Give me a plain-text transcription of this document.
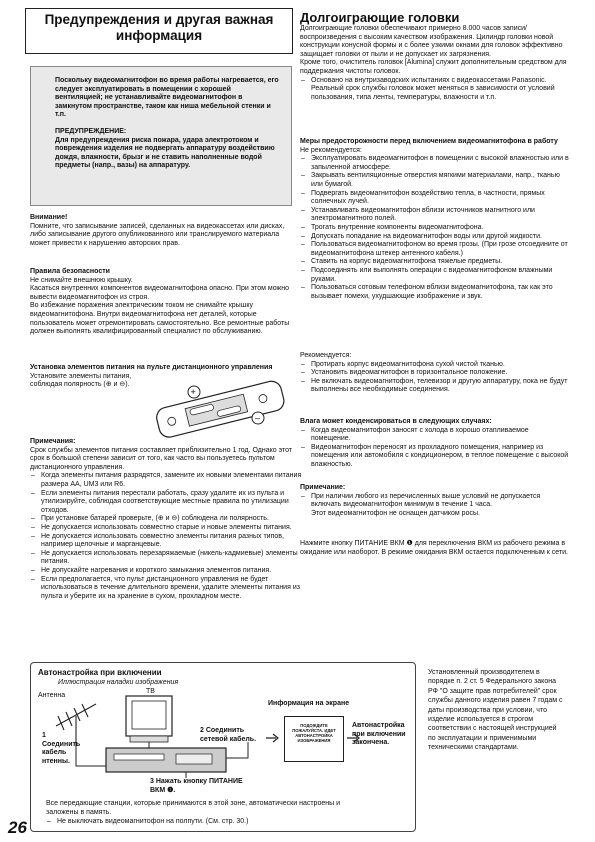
Предупреждения и другая важная информация

Поскольку видеомагнитофон во время работы нагревается, его следует эксплуатировать в помещении с хорошей вентиляцией; не устанавливайте видеомагнитофон в замкнутом пространстве, таком как ниша мебельной стенки и т.п.

ПРЕДУПРЕЖДЕНИЕ:

Для предупреждения риска пожара, удара электротоком и повреждения изделия не подвергать аппаратуру воздействию дождя, влажности, брызг и не ставить наполненные водой предметы (напр., вазы) на аппаратуру.

Внимание!
Помните, что записывание записей, сделанных на видеокассетах или дисках, либо записывание другого опубликованного или транслируемого материала может привести к нарушению авторских прав.
Правила безопасности
Не снимайте внешнюю крышку.
Касаться внутренних компонентов видеомагнитофона опасно. При этом можно вывести видеомагнитофон из строя.
Во избежание поражения электрическим током не снимайте крышку видеомагнитофона. Внутри видеомагнитофона нет деталей, которые пользователь может отремонтировать самостоятельно. Все ремонтные работы должен выполнять квалифицированный специалист по обслуживанию.
Установка элементов питания на пульте дистанционного управления
Установите элементы питания, соблюдая полярность (⊕ и ⊖).
+
–
Примечания:
Срок службы элементов питания составляет приблизительно 1 год. Однако этот срок в большой степени зависит от того, как часто вы пользуетесь пультом дистанционного управления.
– Когда элементы питания разрядятся, замените их новыми элементами питания размера AA, UM3 или R6.
– Если элементы питания перестали работать, сразу удалите их из пульта и утилизируйте, соблюдая соответствующие местные правила по утилизации отходов.
– При установке батарей проверьте, (⊕ и ⊖) соблюдена ли полярность.
– Не допускается использовать совместно старые и новые элементы питания.
– Не допускается использовать совместно элементы питания разных типов, например щелочные и марганцевые.
– Не допускается использовать перезаряжаемые (никель-кадмиевые) элементы питания.
– Не допускайте нагревания и короткого замыкания элементов питания.
– Если предполагается, что пульт дистанционного управления не будет использоваться в течение длительного времени, удалите элементы питания из пульта и уберите их на хранение в сухом, прохладном месте.
Долгоиграющие головки
Долгоиграющие головки обеспечивают примерно 8.000 часов записи/воспроизведения с высоким качеством изображения. Цилиндр головки новой конструкции конусной формы и с более узкими окнами для головок эффективно защищает головки от пыли и не допускает их загрязнения.
Кроме того, очиститель головок [Alumina] служит дополнительным средством для поддержания чистоты головок.
– Основано на внутризаводских испытаниях с видеокассетами Panasonic. Реальный срок службы головок может меняться в зависимости от условий пользования, типа ленты, температуры, влажности и т.п.
Меры предосторожности перед включением видеомагнитофона в работу
Не рекомендуется:
– Эксплуатировать видеомагнитофон в помещении с высокой влажностью или в запыленной атмосфере.
– Закрывать вентиляционные отверстия мягкими материалами, напр., тканью или бумагой.
– Подвергать видеомагнитофон воздействию тепла, в частности, прямых солнечных лучей.
– Устанавливать видеомагнитофон вблизи источников магнитного или электромагнитного полей.
– Трогать внутренние компоненты видеомагнитофона.
– Допускать попадание на видеомагнитофон воды или другой жидкости.
– Пользоваться видеомагнитофоном во время грозы. (При грозе отсоедините от видеомагнитофона штекер антенного кабеля.)
– Ставить на корпус видеомагнитофона тяжелые предметы.
– Подсоединять или выполнять операции с видеомагнитофоном влажными руками.
– Пользоваться сотовым телефоном вблизи видеомагнитофона, так как это вызывает помехи, ухудшающие изображение и звук.
Рекомендуется:
– Протирать корпус видеомагнитофона сухой чистой тканью.
– Установить видеомагнитофон в горизонтальное положение.
– Не включать видеомагнитофон, телевизор и другую аппаратуру, пока не будут выполнены все необходимые соединения.
Влага может конденсироваться в следующих случаях:
– Когда видеомагнитофон заносят с холода в хорошо отапливаемое помещение.
– Видеомагнитофон переносят из прохладного помещения, например из помещения или автомобиля с кондиционером, в теплое помещение с высокой влажностью.
Примечание:
– При наличии любого из перечисленных выше условий не допускается включать видеомагнитофон минимум в течение 1 часа.
Этот видеомагнитофон не оснащен датчиком росы.
Нажмите кнопку ПИТАНИЕ ВКМ ❶ для переключения ВКМ из рабочего режима в ожидание или наоборот. В режиме ожидания ВКМ остается подключенным к сети.
Автонастройка при включении
Иллюстрация наладки изображения
Антенна
ТВ
1 Соединить кабель нтенны.
2 Соединить сетевой кабель.
3 Нажать кнопку ПИТАНИЕ ВКМ ❶.
Информация на экране
ПОДОЖДИТЕ ПОЖАЛУЙСТА. ИДЕТ АВТОНАСТРОЙКА ИЗОБРАЖЕНИЯ
Автонастройка при включении закончена.
Все передающие станции, которые принимаются в этой зоне, автоматически настроены и заложены в память.
– Не выключать видеомагнитофон на полпути. (См. стр. 30.)
Установленный производителем в порядке п. 2 ст. 5 Федерального закона РФ "О защите прав потребителей" срок службы данного изделия равен 7 годам с даты производства при условии, что изделие используется в строгом соответствии с настоящей инструкцией по эксплуатации и применимыми техническими стандартами.
26
